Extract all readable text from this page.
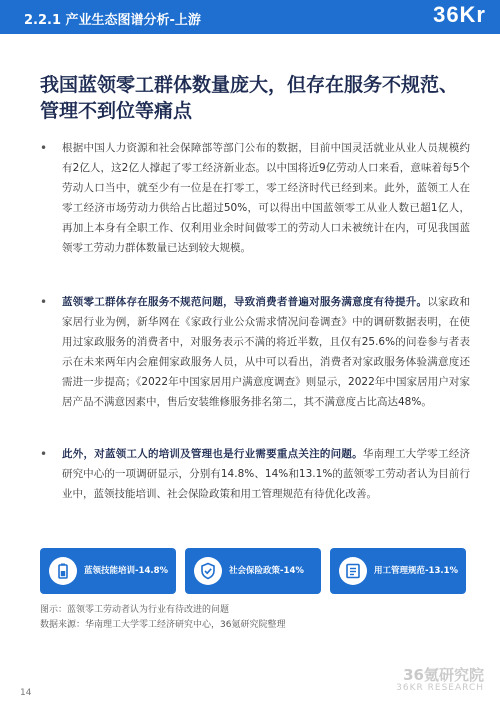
2.2.1 产业生态图谱分析-上游	36Kr
我国蓝领零工群体数量庞大，但存在服务不规范、管理不到位等痛点
•	根据中国人力资源和社会保障部等部门公布的数据，目前中国灵活就业从业人员规模约有2亿人，这2亿人撑起了零工经济新业态。以中国将近9亿劳动人口来看，意味着每5个劳动人口当中，就至少有一位是在打零工，零工经济时代已经到来。此外，蓝领工人在零工经济市场劳动力供给占比超过50%，可以得出中国蓝领零工从业人数已超1亿人，再加上本身有全职工作、仅利用业余时间做零工的劳动人口未被统计在内，可见我国蓝领零工劳动力群体数量已达到较大规模。

•	蓝领零工群体存在服务不规范问题，导致消费者普遍对服务满意度有待提升。以家政和家居行业为例，新华网在《家政行业公众需求情况问卷调查》中的调研数据表明，在使用过家政服务的消费者中，对服务表示不满的将近半数，且仅有25.6%的问卷参与者表示在未来两年内会雇佣家政服务人员，从中可以看出，消费者对家政服务体验满意度还需进一步提高；《2022年中国家居用户满意度调查》则显示，2022年中国家居用户对家居产品不满意因素中，售后安装维修服务排名第二，其不满意度占比高达48%。

•	此外，对蓝领工人的培训及管理也是行业需要重点关注的问题。华南理工大学零工经济研究中心的一项调研显示，分别有14.8%、14%和13.1%的蓝领零工劳动者认为目前行业中，蓝领技能培训、社会保险政策和用工管理规范有待优化改善。

蓝领技能培训-14.8%	社会保险政策-14%	用工管理规范-13.1%
图示：蓝领零工劳动者认为行业有待改进的问题
数据来源：华南理工大学零工经济研究中心，36氪研究院整理
36氪研究院
36KR RESEARCH
14
